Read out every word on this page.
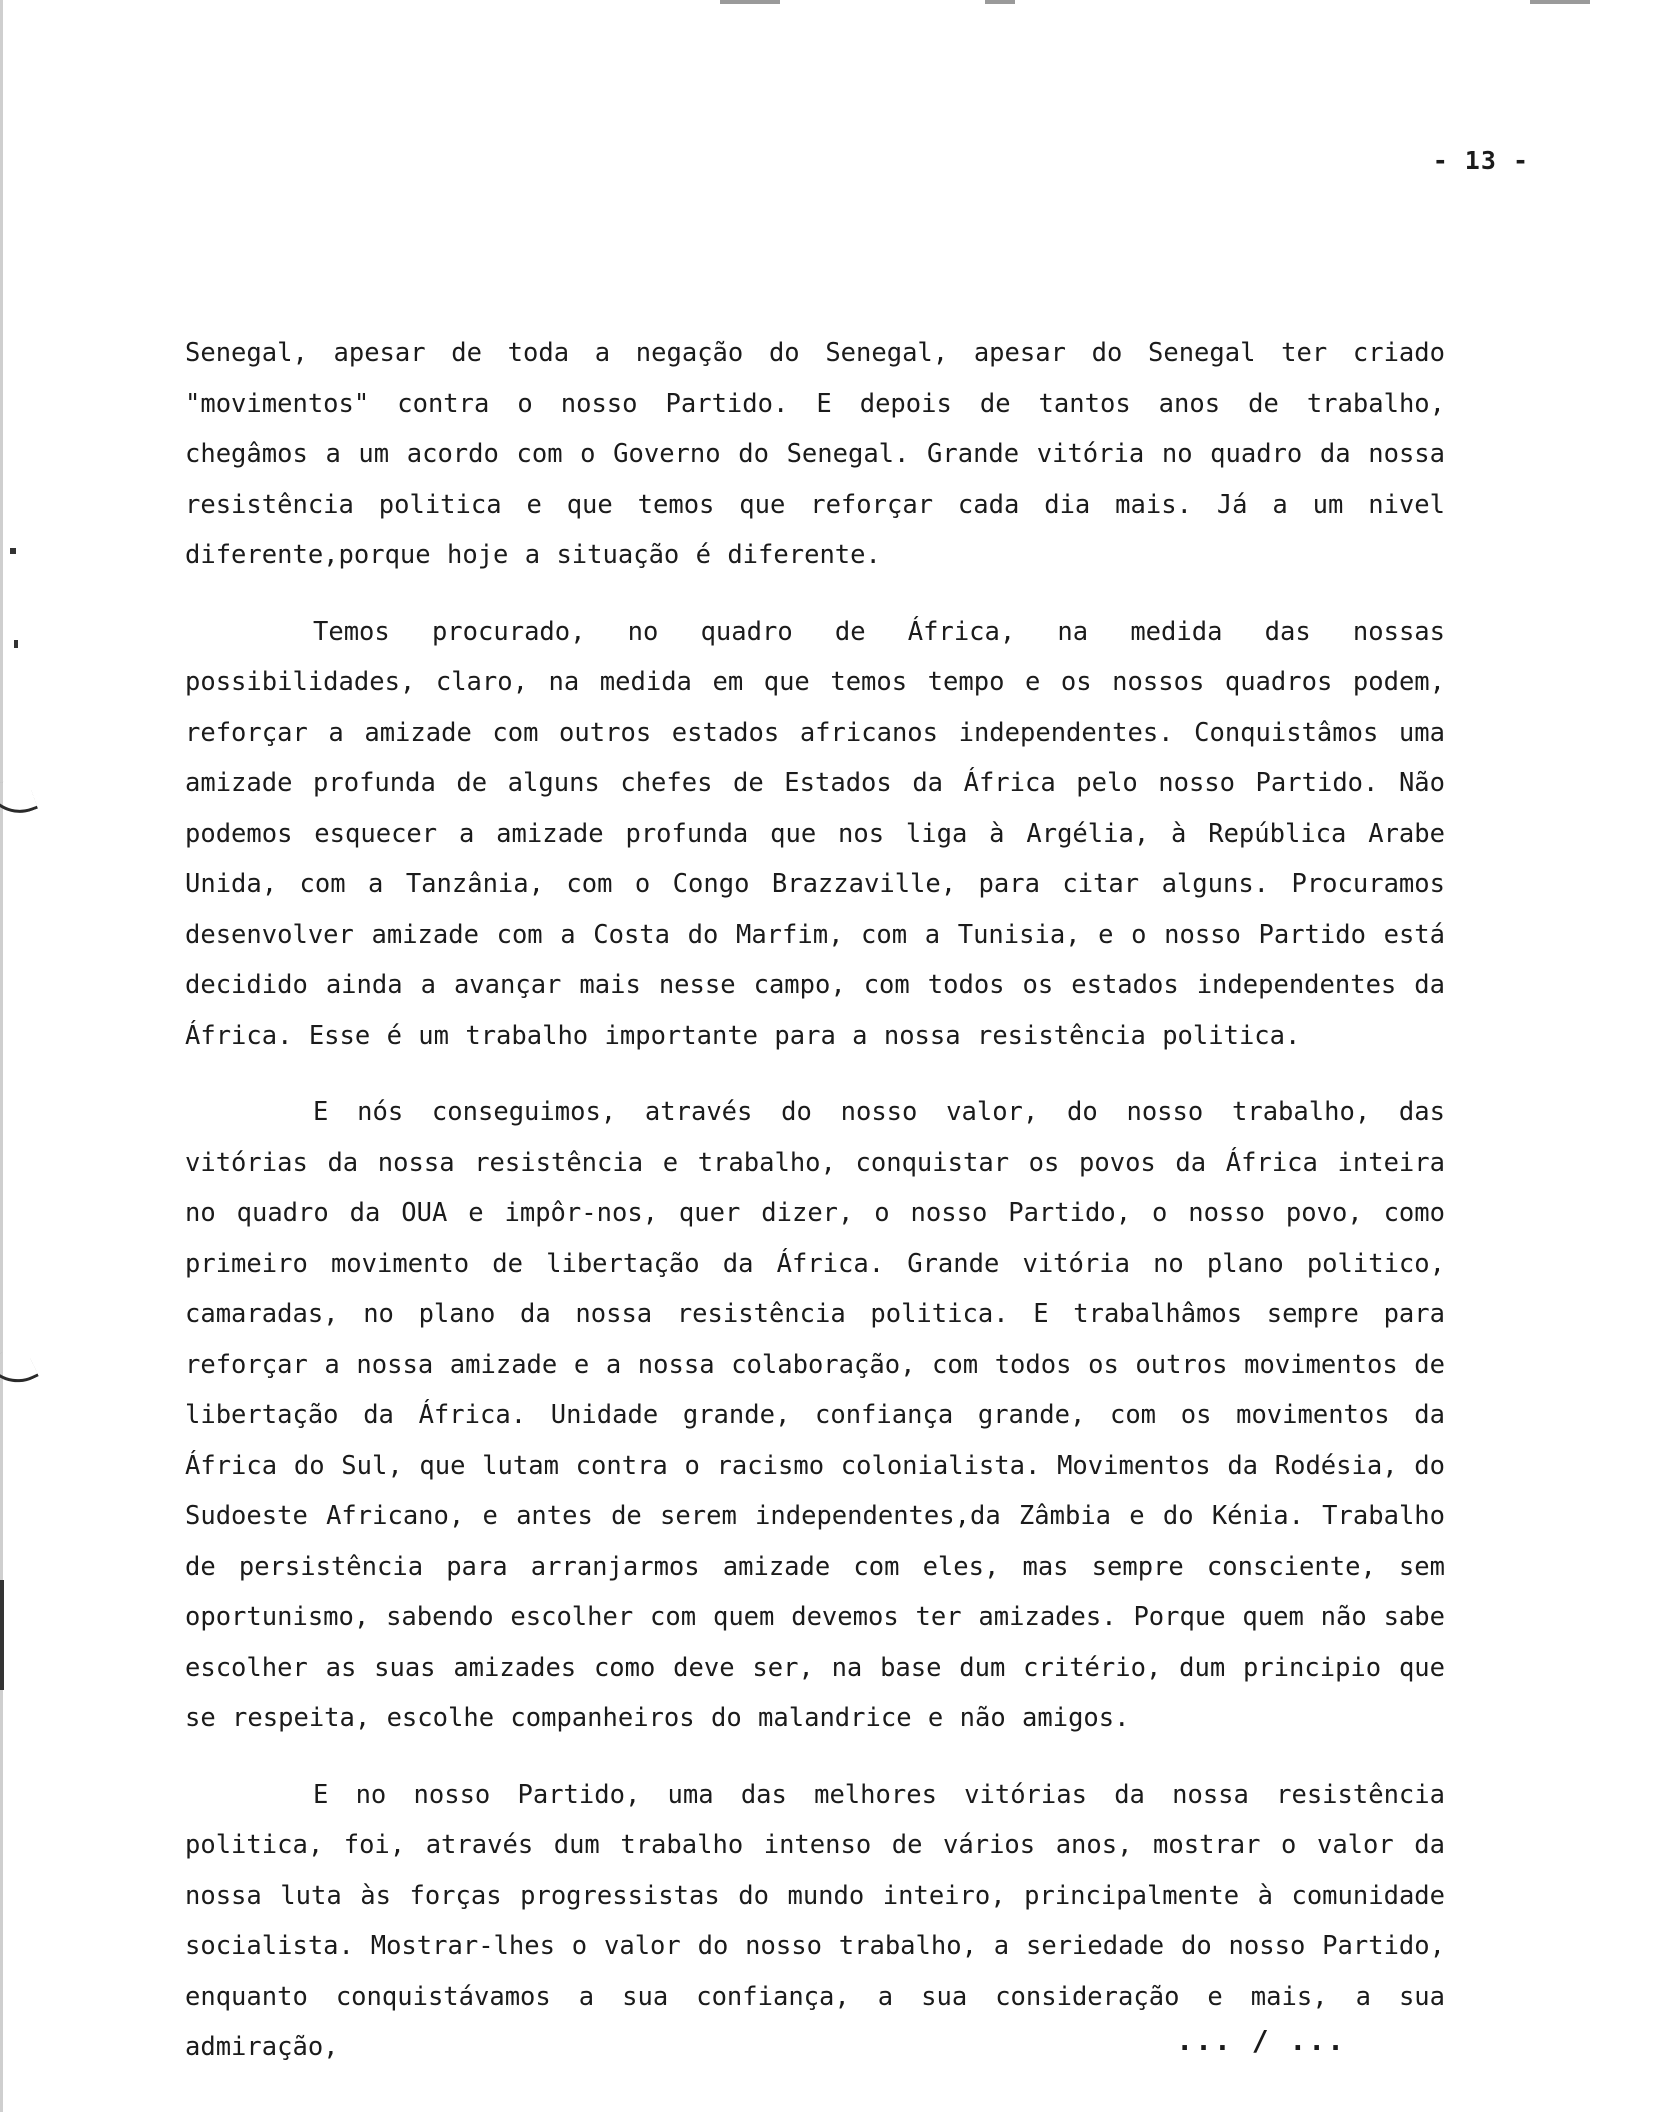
- 13 -

Senegal, apesar de toda a negação do Senegal, apesar do Senegal ter criado "movimentos" contra o nosso Partido. E depois de tantos anos de trabalho, chegâmos a um acordo com o Governo do Senegal. Grande vitória no quadro da nossa resistência politica e que temos que reforçar cada dia mais. Já a um nivel diferente,porque hoje a situação é diferente.

Temos procurado, no quadro de África, na medida das nossas possibilidades, claro, na medida em que temos tempo e os nossos quadros podem, reforçar a amizade com outros estados africanos independentes. Conquistâmos uma amizade profunda de alguns chefes de Estados da África pelo nosso Partido. Não podemos esquecer a amizade profunda que nos liga à Argélia, à República Arabe Unida, com a Tanzânia, com o Congo Brazzaville, para citar alguns. Procuramos desenvolver amizade com a Costa do Marfim, com a Tunisia, e o nosso Partido está decidido ainda a avançar mais nesse campo, com todos os estados independentes da África. Esse é um trabalho importante para a nossa resistência politica.

E nós conseguimos, através do nosso valor, do nosso trabalho, das vitórias da nossa resistência e trabalho, conquistar os povos da África inteira no quadro da OUA e impôr-nos, quer dizer, o nosso Partido, o nosso povo, como primeiro movimento de libertação da África. Grande vitória no plano politico, camaradas, no plano da nossa resistência politica. E trabalhâmos sempre para reforçar a nossa amizade e a nossa colaboração, com todos os outros movimentos de libertação da África. Unidade grande, confiança grande, com os movimentos da África do Sul, que lutam contra o racismo colonialista. Movimentos da Rodésia, do Sudoeste Africano, e antes de serem independentes,da Zâmbia e do Kénia. Trabalho de persistência para arranjarmos amizade com eles, mas sempre consciente, sem oportunismo, sabendo escolher com quem devemos ter amizades. Porque quem não sabe escolher as suas amizades como deve ser, na base dum critério, dum principio que se respeita, escolhe companheiros do malandrice e não amigos.

E no nosso Partido, uma das melhores vitórias da nossa resistência politica, foi, através dum trabalho intenso de vários anos, mostrar o valor da nossa luta às forças progressistas do mundo inteiro, principalmente à comunidade socialista. Mostrar-lhes o valor do nosso trabalho, a seriedade do nosso Partido, enquanto conquistávamos a sua confiança, a sua consideração e mais, a sua admiração,	... / ...
